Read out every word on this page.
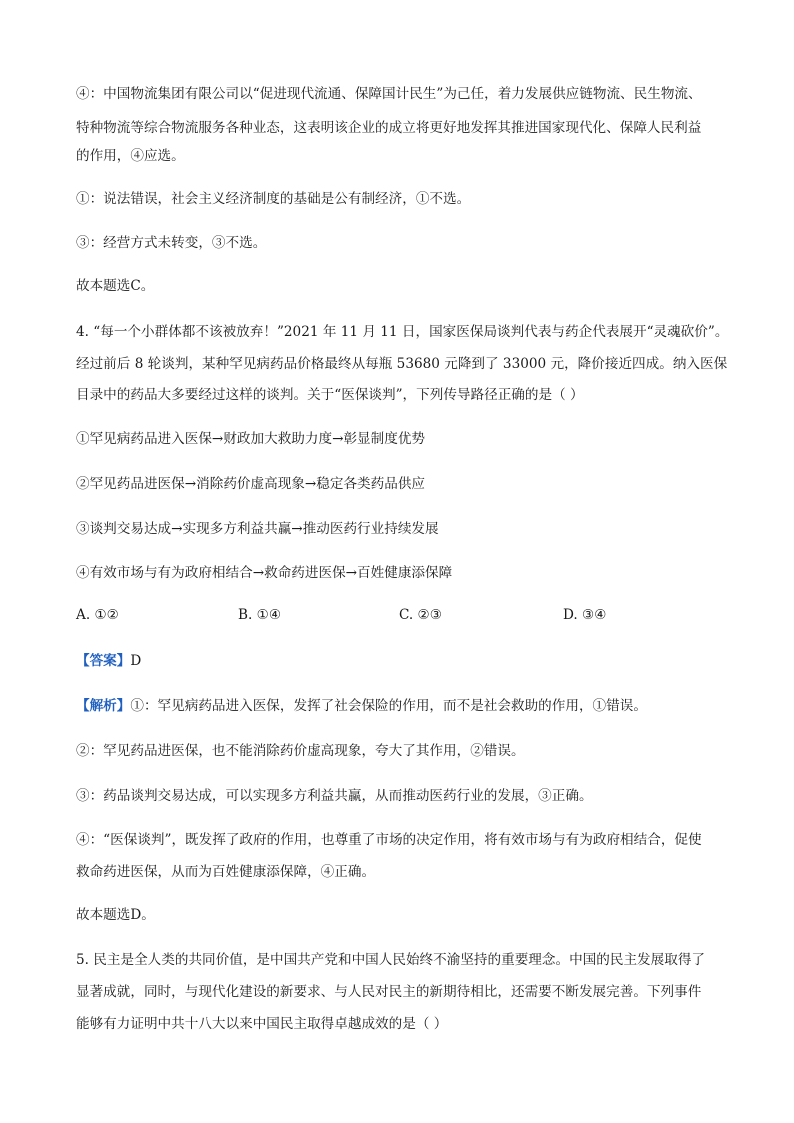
④：中国物流集团有限公司以“促进现代流通、保障国计民生”为己任，着力发展供应链物流、民生物流、
特种物流等综合物流服务各种业态，这表明该企业的成立将更好地发挥其推进国家现代化、保障人民利益
的作用，④应选。
①：说法错误，社会主义经济制度的基础是公有制经济，①不选。
③：经营方式未转变，③不选。
故本题选C。
4. “每一个小群体都不该被放弃！”2021 年 11 月 11 日，国家医保局谈判代表与药企代表展开“灵魂砍价”。
经过前后 8 轮谈判，某种罕见病药品价格最终从每瓶 53680 元降到了 33000 元，降价接近四成。纳入医保
目录中的药品大多要经过这样的谈判。关于“医保谈判”，下列传导路径正确的是（ ）
①罕见病药品进入医保→财政加大救助力度→彰显制度优势
②罕见药品进医保→消除药价虚高现象→稳定各类药品供应
③谈判交易达成→实现多方利益共赢→推动医药行业持续发展
④有效市场与有为政府相结合→救命药进医保→百姓健康添保障
A. ①②	B. ①④	C. ②③	D. ③④
【答案】D
【解析】①：罕见病药品进入医保，发挥了社会保险的作用，而不是社会救助的作用，①错误。
②：罕见药品进医保，也不能消除药价虚高现象，夸大了其作用，②错误。
③：药品谈判交易达成，可以实现多方利益共赢，从而推动医药行业的发展，③正确。
④：“医保谈判”，既发挥了政府的作用，也尊重了市场的决定作用，将有效市场与有为政府相结合，促使
救命药进医保，从而为百姓健康添保障，④正确。
故本题选D。
5. 民主是全人类的共同价值，是中国共产党和中国人民始终不渝坚持的重要理念。中国的民主发展取得了
显著成就，同时，与现代化建设的新要求、与人民对民主的新期待相比，还需要不断发展完善。下列事件
能够有力证明中共十八大以来中国民主取得卓越成效的是（ ）
